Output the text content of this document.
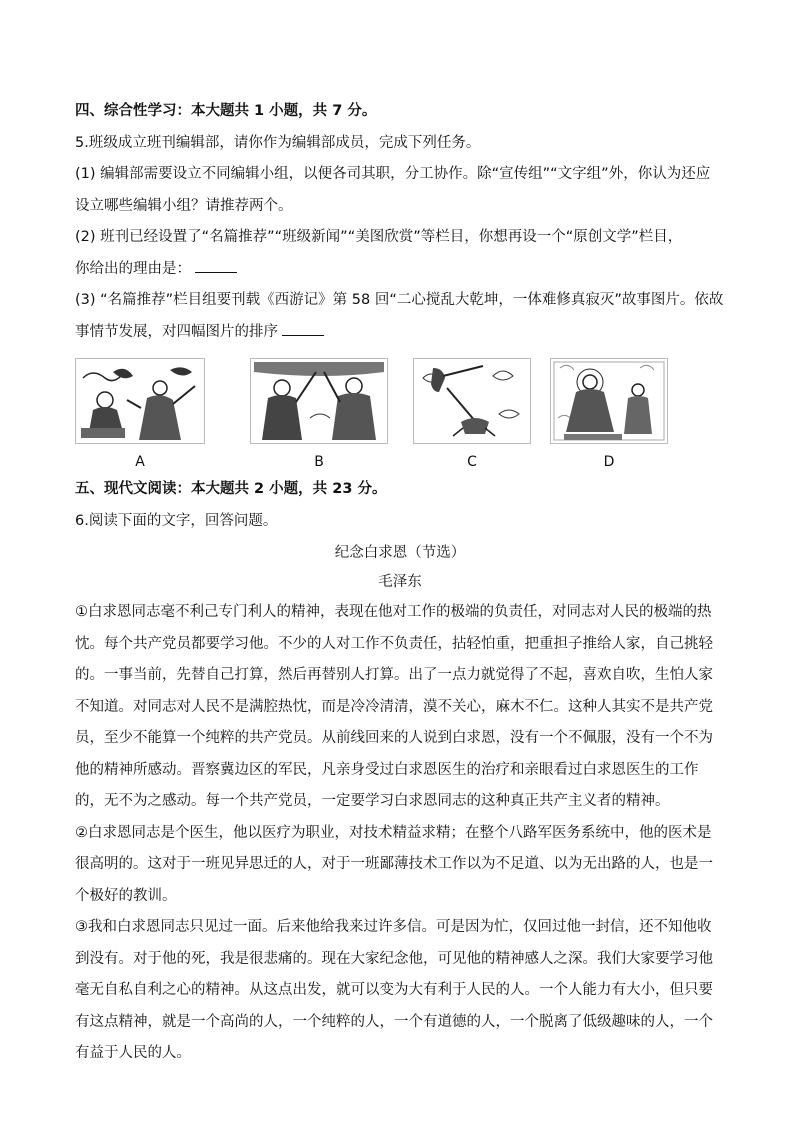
四、综合性学习：本大题共 1 小题，共 7 分。
5.班级成立班刊编辑部，请你作为编辑部成员，完成下列任务。
(1) 编辑部需要设立不同编辑小组，以便各司其职，分工协作。除“宣传组”“文字组”外，你认为还应
设立哪些编辑小组？请推荐两个。
(2) 班刊已经设置了“名篇推荐”“班级新闻”“美图欣赏”等栏目，你想再设一个“原创文学”栏目，
你给出的理由是：
(3) “名篇推荐”栏目组要刊载《西游记》第 58 回“二心搅乱大乾坤，一体难修真寂灭”故事图片。依故
事情节发展，对四幅图片的排序
A	B	C	D
五、现代文阅读：本大题共 2 小题，共 23 分。
6.阅读下面的文字，回答问题。
纪念白求恩（节选）
毛泽东
①白求恩同志毫不利己专门利人的精神，表现在他对工作的极端的负责任，对同志对人民的极端的热忱。每个共产党员都要学习他。不少的人对工作不负责任，拈轻怕重，把重担子推给人家，自己挑轻的。一事当前，先替自己打算，然后再替别人打算。出了一点力就觉得了不起，喜欢自吹，生怕人家不知道。对同志对人民不是满腔热忱，而是冷冷清清，漠不关心，麻木不仁。这种人其实不是共产党员，至少不能算一个纯粹的共产党员。从前线回来的人说到白求恩，没有一个不佩服，没有一个不为他的精神所感动。晋察冀边区的军民，凡亲身受过白求恩医生的治疗和亲眼看过白求恩医生的工作的，无不为之感动。每一个共产党员，一定要学习白求恩同志的这种真正共产主义者的精神。
②白求恩同志是个医生，他以医疗为职业，对技术精益求精；在整个八路军医务系统中，他的医术是很高明的。这对于一班见异思迁的人，对于一班鄙薄技术工作以为不足道、以为无出路的人，也是一个极好的教训。
③我和白求恩同志只见过一面。后来他给我来过许多信。可是因为忙，仅回过他一封信，还不知他收到没有。对于他的死，我是很悲痛的。现在大家纪念他，可见他的精神感人之深。我们大家要学习他毫无自私自利之心的精神。从这点出发，就可以变为大有利于人民的人。一个人能力有大小，但只要有这点精神，就是一个高尚的人，一个纯粹的人，一个有道德的人，一个脱离了低级趣味的人，一个有益于人民的人。
